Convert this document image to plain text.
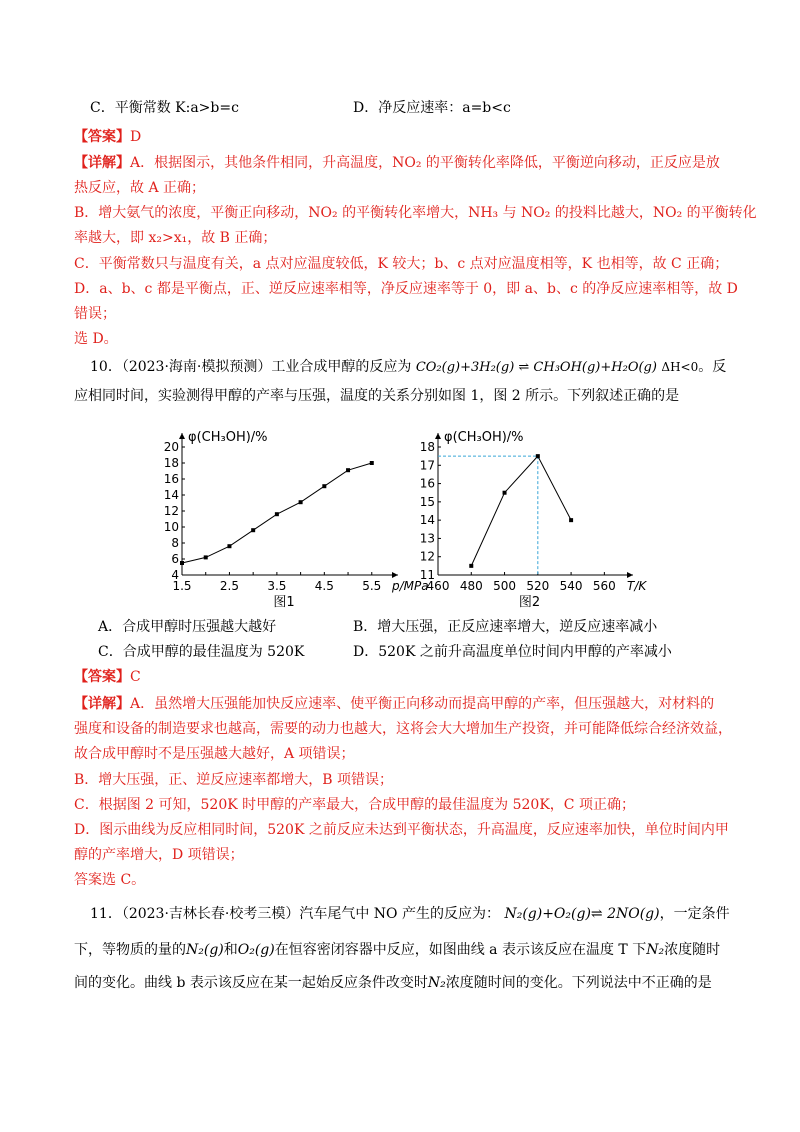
C．平衡常数 K:a>b=c	D．净反应速率：a=b<c
【答案】D
【详解】A．根据图示，其他条件相同，升高温度，NO₂ 的平衡转化率降低，平衡逆向移动，正反应是放
热反应，故 A 正确；
B．增大氨气的浓度，平衡正向移动，NO₂ 的平衡转化率增大，NH₃ 与 NO₂ 的投料比越大，NO₂ 的平衡转化
率越大，即 x₂>x₁，故 B 正确；
C．平衡常数只与温度有关，a 点对应温度较低，K 较大；b、c 点对应温度相等，K 也相等，故 C 正确；
D．a、b、c 都是平衡点，正、逆反应速率相等，净反应速率等于 0，即 a、b、c 的净反应速率相等，故 D
错误；
选 D。
10．（2023·海南·模拟预测）工业合成甲醇的反应为 CO₂(g)+3H₂(g) ⇌ CH₃OH(g)+H₂O(g) ΔH<0。反
应相同时间，实验测得甲醇的产率与压强，温度的关系分别如图 1，图 2 所示。下列叙述正确的是
4
6
8
10
12
14
16
18
20
1.5 2.5 3.5 4.5 5.5
φ(CH₃OH)/%
p/MPa
图1
11
12
13
14
15
16
17
18
460 480 500 520 540 560
φ(CH₃OH)/%
T/K
图2
A．合成甲醇时压强越大越好	B．增大压强，正反应速率增大，逆反应速率减小
C．合成甲醇的最佳温度为 520K	D．520K 之前升高温度单位时间内甲醇的产率减小
【答案】C
【详解】A．虽然增大压强能加快反应速率、使平衡正向移动而提高甲醇的产率，但压强越大，对材料的
强度和设备的制造要求也越高，需要的动力也越大，这将会大大增加生产投资，并可能降低综合经济效益，
故合成甲醇时不是压强越大越好，A 项错误；
B．增大压强，正、逆反应速率都增大，B 项错误；
C．根据图 2 可知，520K 时甲醇的产率最大，合成甲醇的最佳温度为 520K，C 项正确；
D．图示曲线为反应相同时间，520K 之前反应未达到平衡状态，升高温度，反应速率加快，单位时间内甲
醇的产率增大，D 项错误；
答案选 C。
11．（2023·吉林长春·校考三模）汽车尾气中 NO 产生的反应为： N₂(g)+O₂(g)⇌ 2NO(g)，一定条件
下，等物质的量的N₂(g)和O₂(g)在恒容密闭容器中反应，如图曲线 a 表示该反应在温度 T 下N₂浓度随时
间的变化。曲线 b 表示该反应在某一起始反应条件改变时N₂浓度随时间的变化。下列说法中不正确的是
